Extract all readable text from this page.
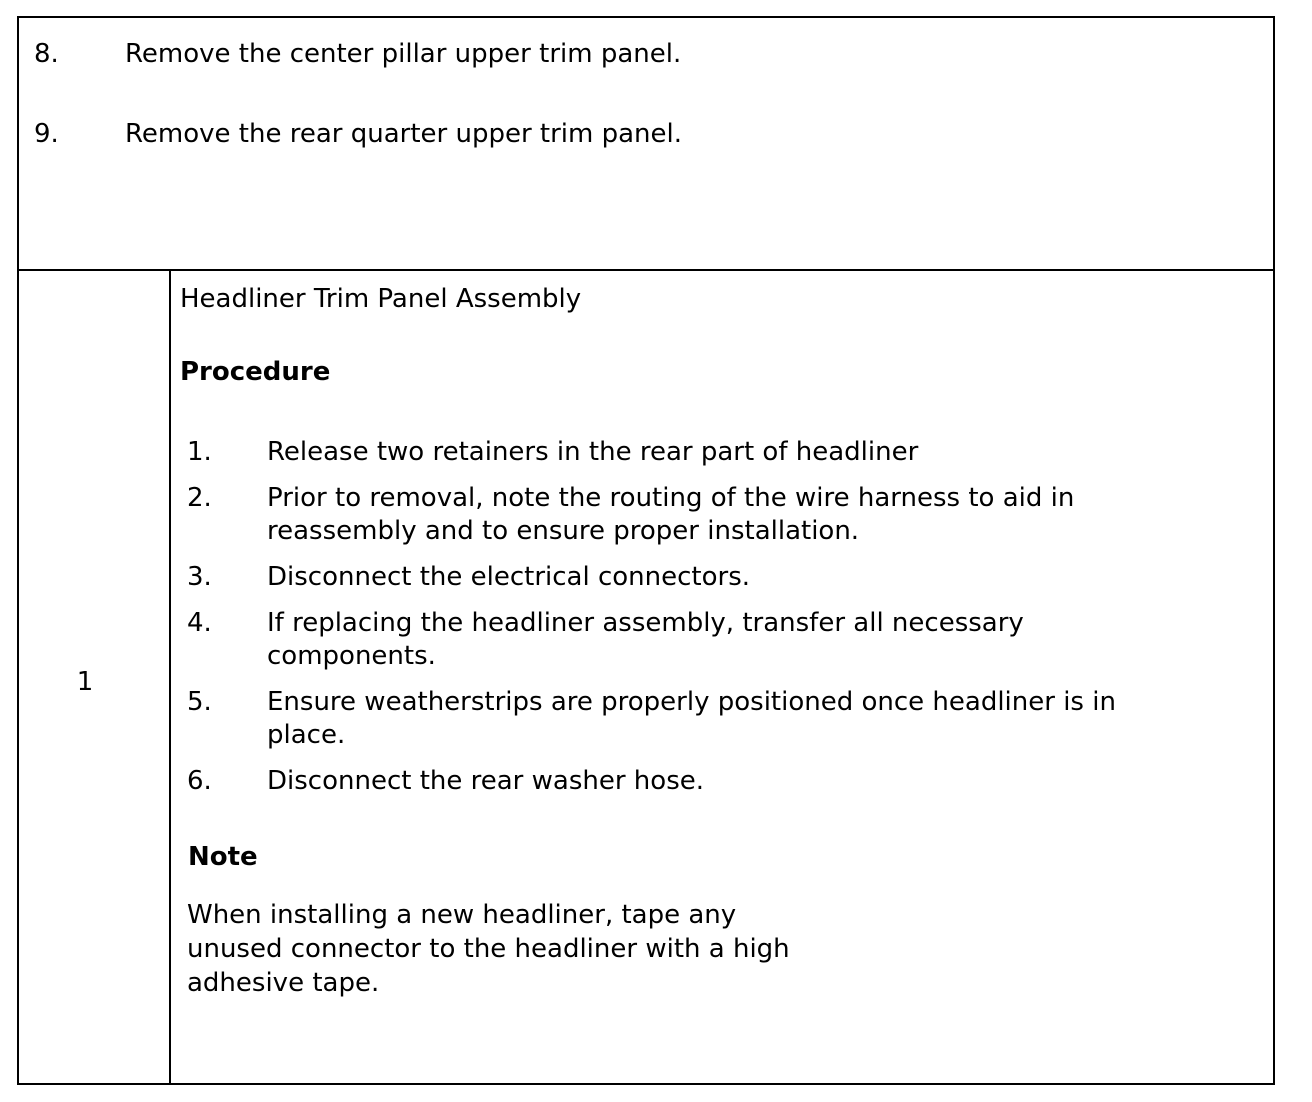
8.	Remove the center pillar upper trim panel.
9.	Remove the rear quarter upper trim panel.
1
Headliner Trim Panel Assembly
Procedure
1.	Release two retainers in the rear part of headliner
2.	Prior to removal, note the routing of the wire harness to aid in reassembly and to ensure proper installation.
3.	Disconnect the electrical connectors.
4.	If replacing the headliner assembly, transfer all necessary components.
5.	Ensure weatherstrips are properly positioned once headliner is in place.
6.	Disconnect the rear washer hose.
Note
When installing a new headliner, tape any unused connector to the headliner with a high adhesive tape.
